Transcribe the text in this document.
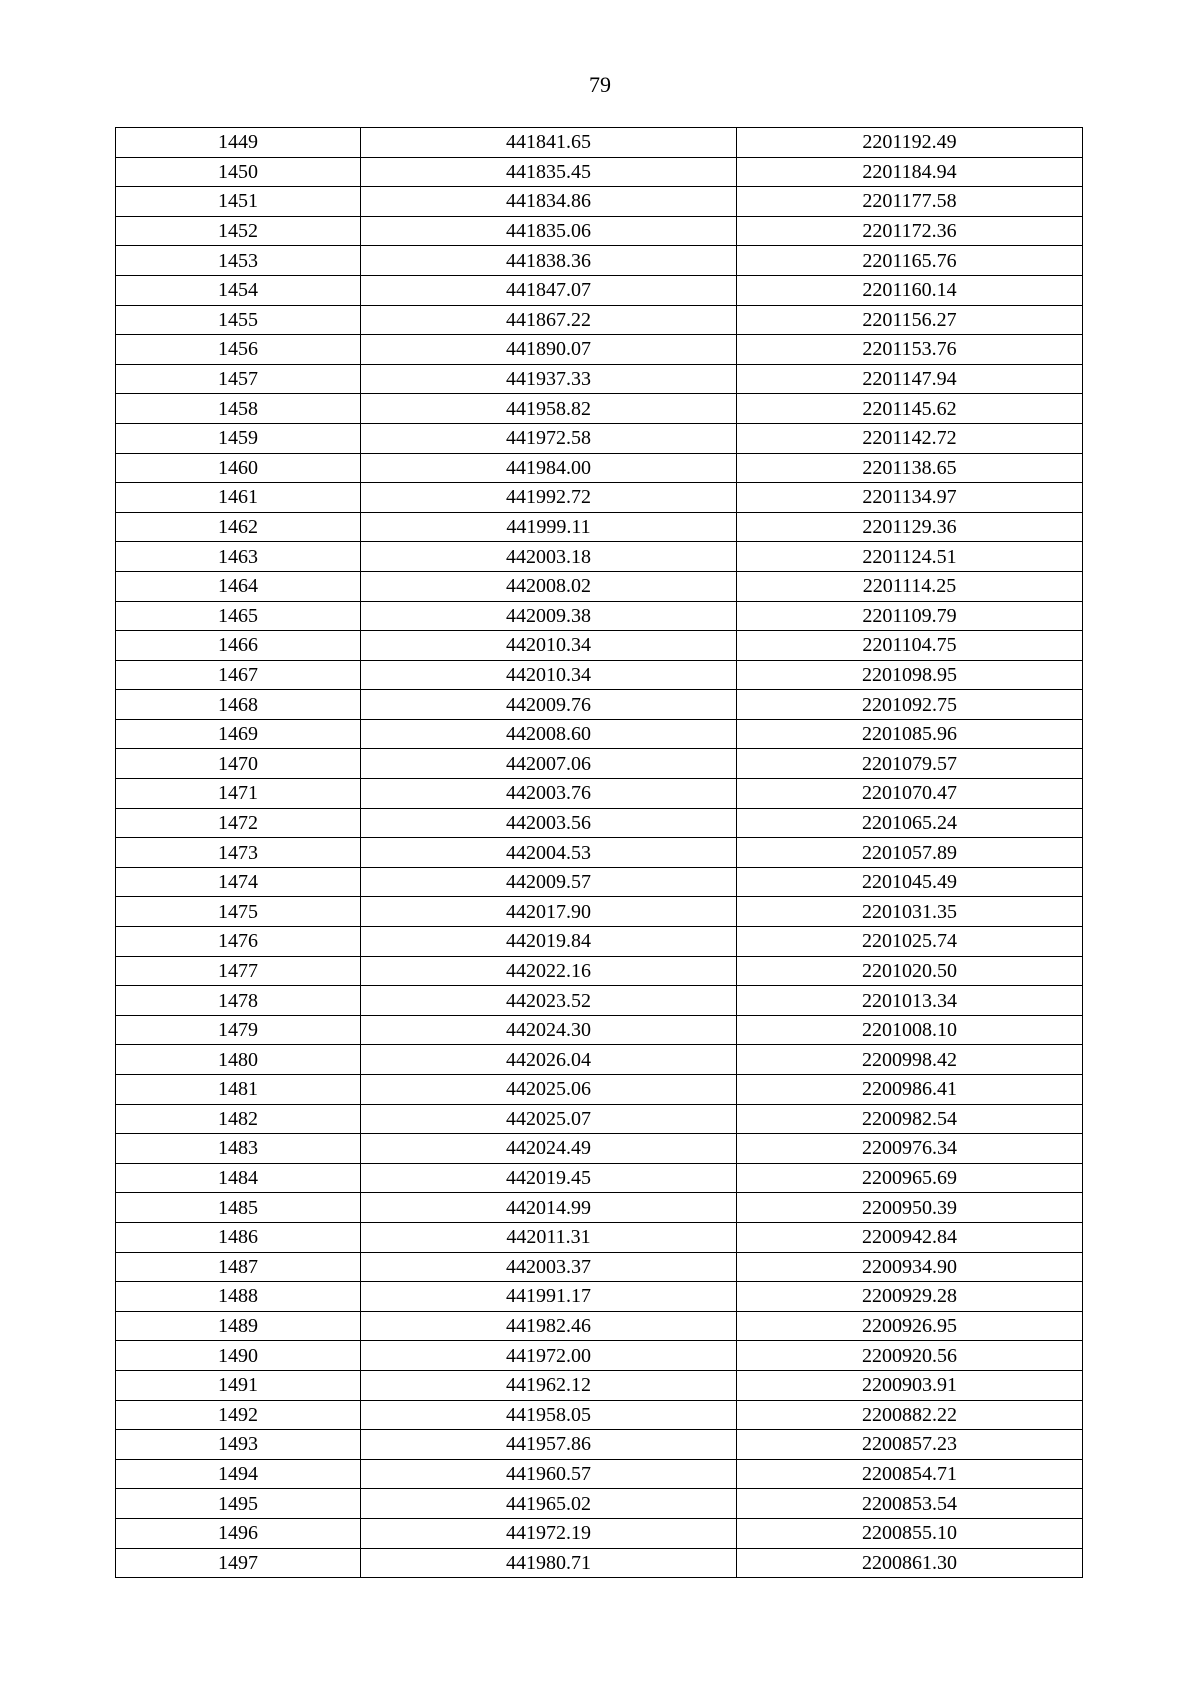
79
1449	441841.65	2201192.49
1450	441835.45	2201184.94
1451	441834.86	2201177.58
1452	441835.06	2201172.36
1453	441838.36	2201165.76
1454	441847.07	2201160.14
1455	441867.22	2201156.27
1456	441890.07	2201153.76
1457	441937.33	2201147.94
1458	441958.82	2201145.62
1459	441972.58	2201142.72
1460	441984.00	2201138.65
1461	441992.72	2201134.97
1462	441999.11	2201129.36
1463	442003.18	2201124.51
1464	442008.02	2201114.25
1465	442009.38	2201109.79
1466	442010.34	2201104.75
1467	442010.34	2201098.95
1468	442009.76	2201092.75
1469	442008.60	2201085.96
1470	442007.06	2201079.57
1471	442003.76	2201070.47
1472	442003.56	2201065.24
1473	442004.53	2201057.89
1474	442009.57	2201045.49
1475	442017.90	2201031.35
1476	442019.84	2201025.74
1477	442022.16	2201020.50
1478	442023.52	2201013.34
1479	442024.30	2201008.10
1480	442026.04	2200998.42
1481	442025.06	2200986.41
1482	442025.07	2200982.54
1483	442024.49	2200976.34
1484	442019.45	2200965.69
1485	442014.99	2200950.39
1486	442011.31	2200942.84
1487	442003.37	2200934.90
1488	441991.17	2200929.28
1489	441982.46	2200926.95
1490	441972.00	2200920.56
1491	441962.12	2200903.91
1492	441958.05	2200882.22
1493	441957.86	2200857.23
1494	441960.57	2200854.71
1495	441965.02	2200853.54
1496	441972.19	2200855.10
1497	441980.71	2200861.30
